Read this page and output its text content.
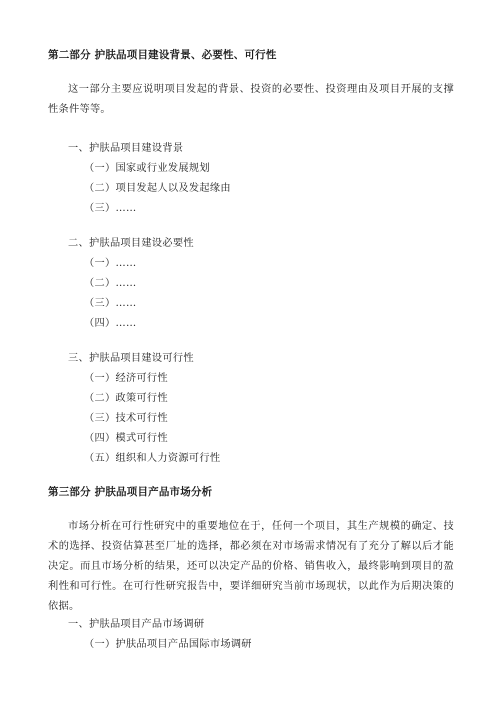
第二部分 护肤品项目建设背景、必要性、可行性
这一部分主要应说明项目发起的背景、投资的必要性、投资理由及项目开展的支撑性条件等等。
一、护肤品项目建设背景
（一）国家或行业发展规划
（二）项目发起人以及发起缘由
（三）……
二、护肤品项目建设必要性
（一）……
（二）……
（三）……
（四）……
三、护肤品项目建设可行性
（一）经济可行性
（二）政策可行性
（三）技术可行性
（四）模式可行性
（五）组织和人力资源可行性
第三部分 护肤品项目产品市场分析
市场分析在可行性研究中的重要地位在于，任何一个项目，其生产规模的确定、技术的选择、投资估算甚至厂址的选择，都必须在对市场需求情况有了充分了解以后才能决定。而且市场分析的结果，还可以决定产品的价格、销售收入，最终影响到项目的盈利性和可行性。在可行性研究报告中，要详细研究当前市场现状，以此作为后期决策的依据。
一、护肤品项目产品市场调研
（一）护肤品项目产品国际市场调研
